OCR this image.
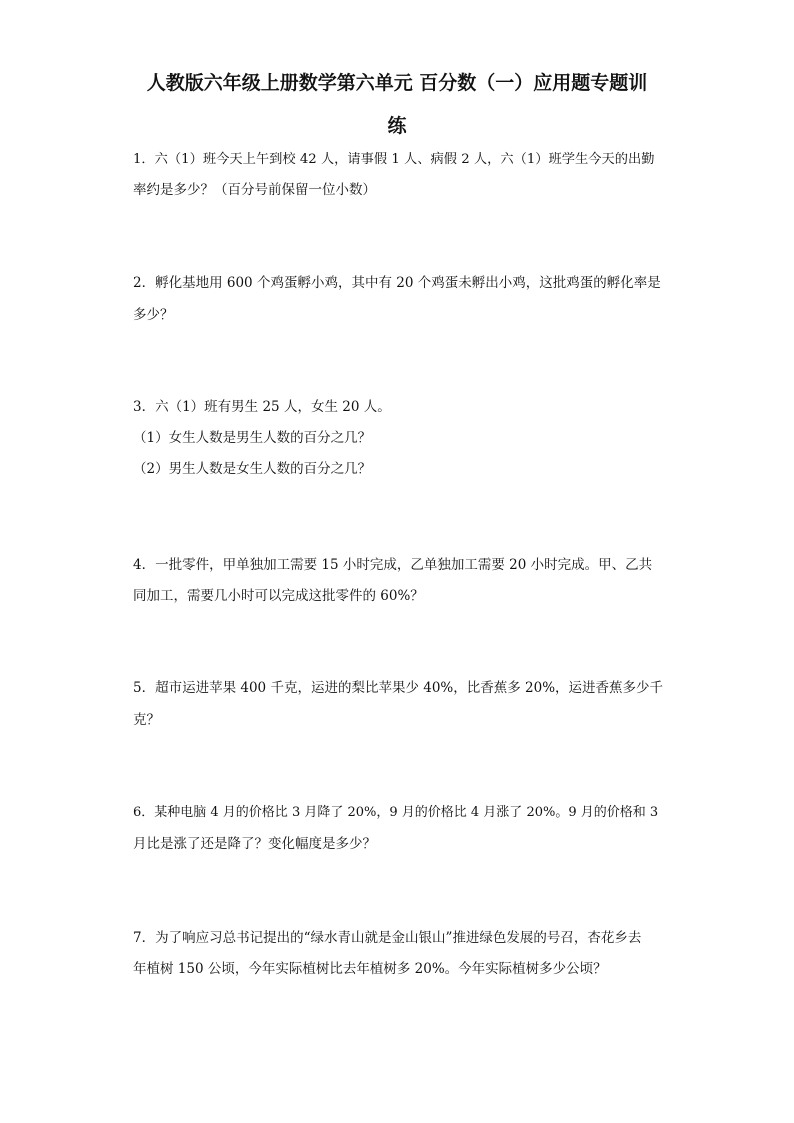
人教版六年级上册数学第六单元 百分数（一）应用题专题训
练
1．六（1）班今天上午到校 42 人，请事假 1 人、病假 2 人，六（1）班学生今天的出勤
率约是多少？（百分号前保留一位小数）
2．孵化基地用 600 个鸡蛋孵小鸡，其中有 20 个鸡蛋未孵出小鸡，这批鸡蛋的孵化率是
多少？
3．六（1）班有男生 25 人，女生 20 人。
（1）女生人数是男生人数的百分之几？
（2）男生人数是女生人数的百分之几？
4．一批零件，甲单独加工需要 15 小时完成，乙单独加工需要 20 小时完成。甲、乙共
同加工，需要几小时可以完成这批零件的 60%？
5．超市运进苹果 400 千克，运进的梨比苹果少 40%，比香蕉多 20%，运进香蕉多少千
克？
6．某种电脑 4 月的价格比 3 月降了 20%，9 月的价格比 4 月涨了 20%。9 月的价格和 3
月比是涨了还是降了？变化幅度是多少？
7．为了响应习总书记提出的“绿水青山就是金山银山”推进绿色发展的号召，杏花乡去
年植树 150 公顷，今年实际植树比去年植树多 20%。今年实际植树多少公顷？
